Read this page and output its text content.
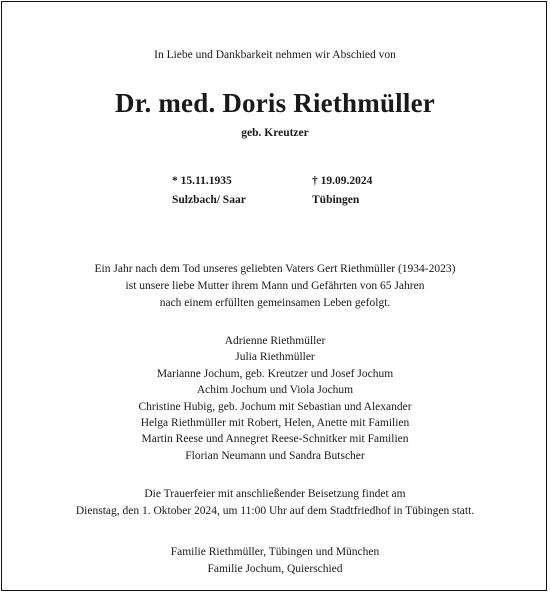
In Liebe und Dankbarkeit nehmen wir Abschied von
Dr. med. Doris Riethmüller
geb. Kreutzer
* 15.11.1935
Sulzbach/ Saar
† 19.09.2024
Tübingen
Ein Jahr nach dem Tod unseres geliebten Vaters Gert Riethmüller (1934-2023)
ist unsere liebe Mutter ihrem Mann und Gefährten von 65 Jahren
nach einem erfüllten gemeinsamen Leben gefolgt.
Adrienne Riethmüller
Julia Riethmüller
Marianne Jochum, geb. Kreutzer und Josef Jochum
Achim Jochum und Viola Jochum
Christine Hubig, geb. Jochum mit Sebastian und Alexander
Helga Riethmüller mit Robert, Helen, Anette mit Familien
Martin Reese und Annegret Reese-Schnitker mit Familien
Florian Neumann und Sandra Butscher
Die Trauerfeier mit anschließender Beisetzung findet am
Dienstag, den 1. Oktober 2024, um 11:00 Uhr auf dem Stadtfriedhof in Tübingen statt.
Familie Riethmüller, Tübingen und München
Familie Jochum, Quierschied
